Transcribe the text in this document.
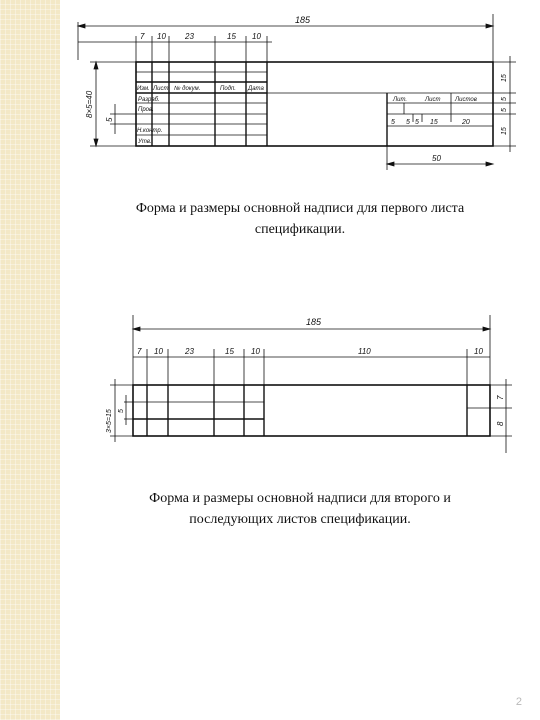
185
7 10 23	15 10
Изм. Лист № докум.	Подп. Дата
Разраб.
Пров.
Н.контр.
Утв.
Лит.	Лист Листов
8×5=40
5
15
5
5
15
5 5 5 15	20
50
Форма и размеры основной надписи для первого листа
спецификации.
185
7 10	23	15 10	110	10
3×5=15 5
7
8
Форма и размеры основной надписи для второго и
последующих листов спецификации.
2
